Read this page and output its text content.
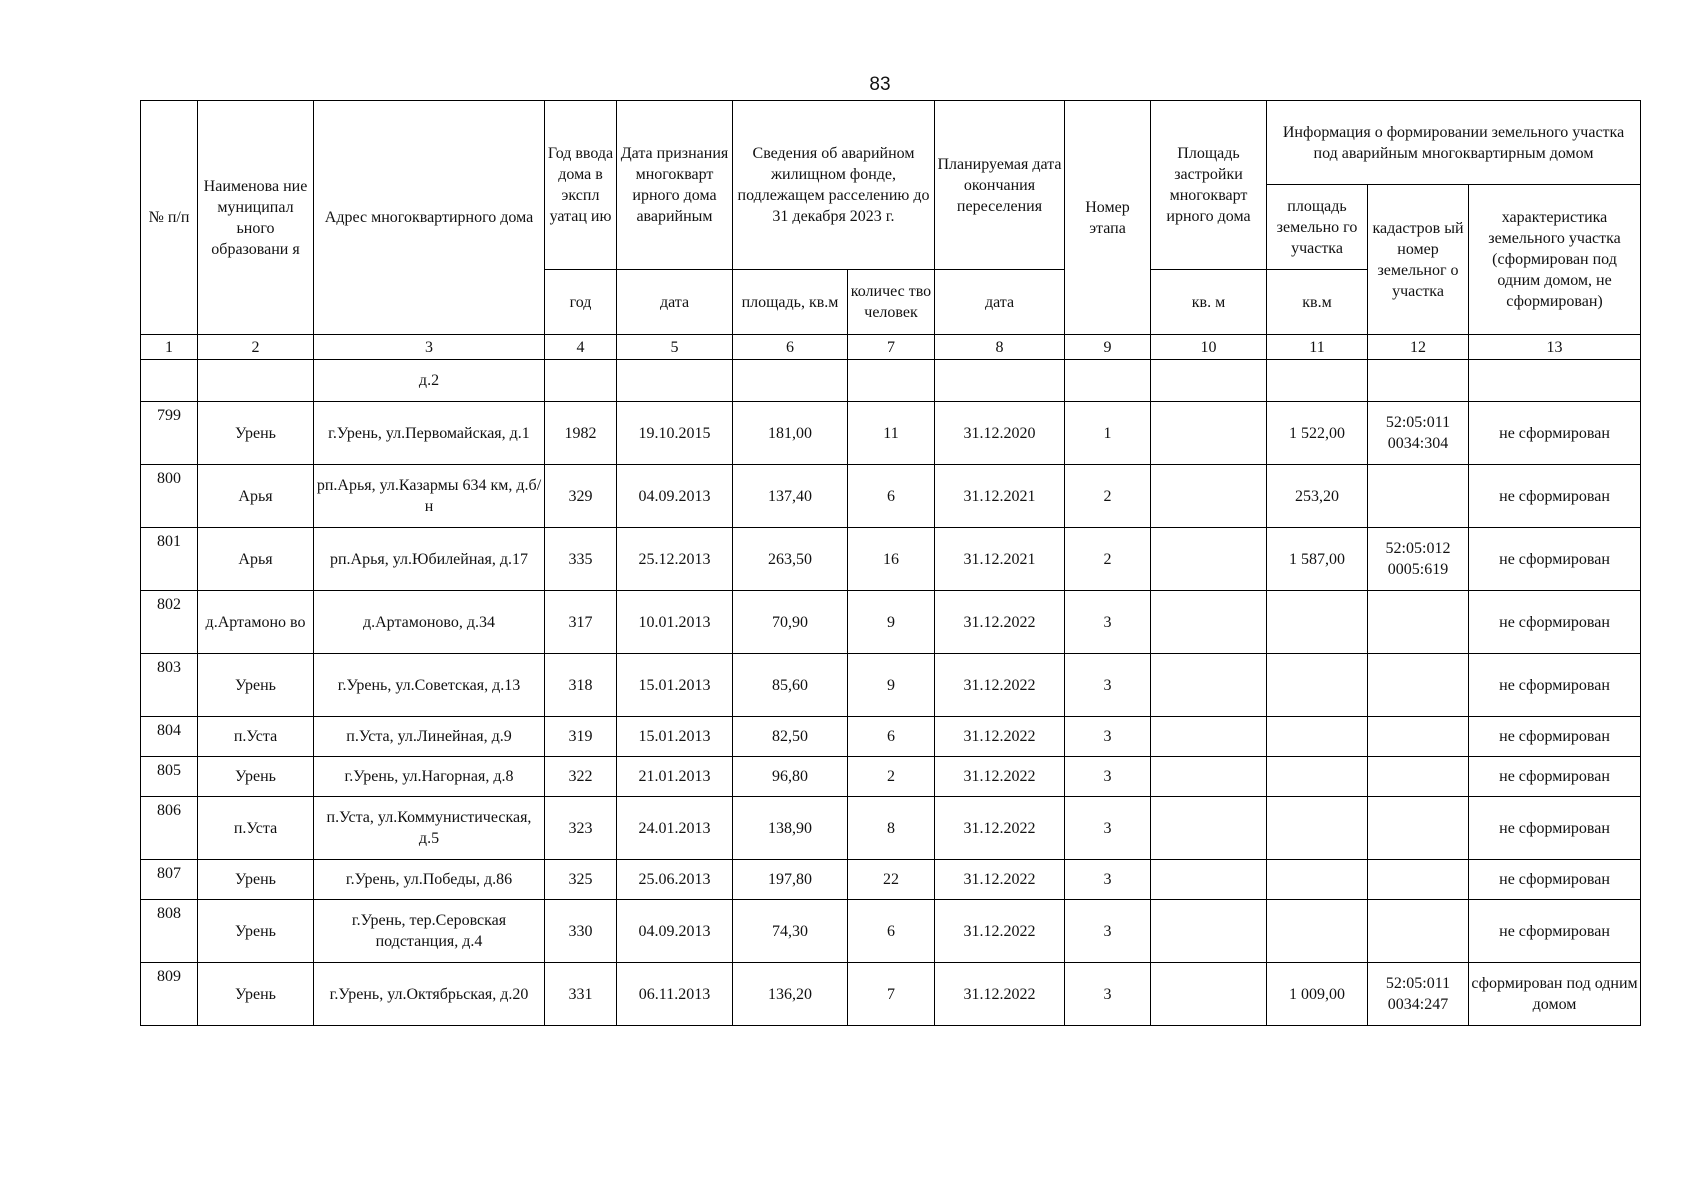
83
№ п/п	Наименова ние муниципал ьного образовани я	Адрес многоквартирного дома	Год ввода дома в экспл уатац ию	Дата признания многокварт ирного дома аварийным	Сведения об аварийном жилищном фонде, подлежащем расселению до 31 декабря 2023 г.		Планируемая дата окончания переселения	Номер этапа	Площадь застройки многокварт ирного дома	Информация о формировании земельного участка под аварийным многоквартирным домом		
										площадь земельно го участка	кадастров ый номер земельног о участка	характеристика земельного участка (сформирован под одним домом, не сформирован)
			год	дата	площадь, кв.м	количес тво человек	дата		кв. м	кв.м		
1	2	3	4	5	6	7	8	9	10	11	12	13
		д.2										
799	Урень	г.Урень, ул.Первомайская, д.1	1982	19.10.2015	181,00	11	31.12.2020	1		1 522,00	52:05:011 0034:304	не сформирован
800	Арья	рп.Арья, ул.Казармы 634 км, д.б/н	329	04.09.2013	137,40	6	31.12.2021	2		253,20		не сформирован
801	Арья	рп.Арья, ул.Юбилейная, д.17	335	25.12.2013	263,50	16	31.12.2021	2		1 587,00	52:05:012 0005:619	не сформирован
802	д.Артамоно во	д.Артамоново, д.34	317	10.01.2013	70,90	9	31.12.2022	3				не сформирован
803	Урень	г.Урень, ул.Советская, д.13	318	15.01.2013	85,60	9	31.12.2022	3				не сформирован
804	п.Уста	п.Уста, ул.Линейная, д.9	319	15.01.2013	82,50	6	31.12.2022	3				не сформирован
805	Урень	г.Урень, ул.Нагорная, д.8	322	21.01.2013	96,80	2	31.12.2022	3				не сформирован
806	п.Уста	п.Уста, ул.Коммунистическая, д.5	323	24.01.2013	138,90	8	31.12.2022	3				не сформирован
807	Урень	г.Урень, ул.Победы, д.86	325	25.06.2013	197,80	22	31.12.2022	3				не сформирован
808	Урень	г.Урень, тер.Серовская подстанция, д.4	330	04.09.2013	74,30	6	31.12.2022	3				не сформирован
809	Урень	г.Урень, ул.Октябрьская, д.20	331	06.11.2013	136,20	7	31.12.2022	3		1 009,00	52:05:011 0034:247	сформирован под одним домом
